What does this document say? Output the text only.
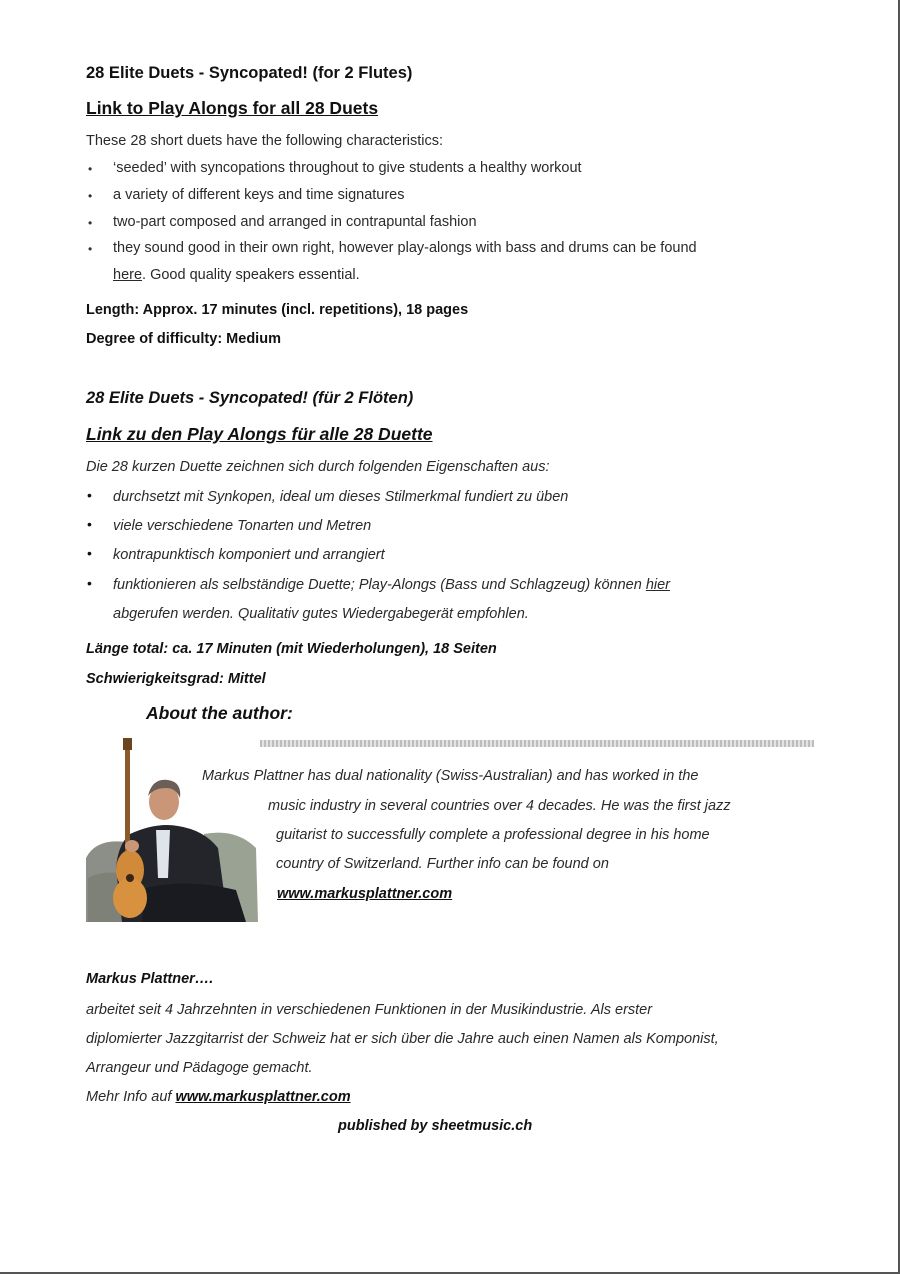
28 Elite Duets - Syncopated! (for 2 Flutes)
Link to Play Alongs for all 28 Duets
These 28 short duets have the following characteristics:
• ‘seeded’ with syncopations throughout to give students a healthy workout
• a variety of different keys and time signatures
• two-part composed and arranged in contrapuntal fashion
• they sound good in their own right, however play-alongs with bass and drums can be found
here. Good quality speakers essential.
Length: Approx. 17 minutes (incl. repetitions), 18 pages
Degree of difficulty: Medium
28 Elite Duets - Syncopated! (für 2 Flöten)
Link zu den Play Alongs für alle 28 Duette
Die 28 kurzen Duette zeichnen sich durch folgenden Eigenschaften aus:
• durchsetzt mit Synkopen, ideal um dieses Stilmerkmal fundiert zu üben
• viele verschiedene Tonarten und Metren
• kontrapunktisch komponiert und arrangiert
• funktionieren als selbständige Duette; Play-Alongs (Bass und Schlagzeug) können hier
abgerufen werden. Qualitativ gutes Wiedergabegerät empfohlen.
Länge total: ca. 17 Minuten (mit Wiederholungen), 18 Seiten
Schwierigkeitsgrad: Mittel
About the author:
Markus Plattner has dual nationality (Swiss-Australian) and has worked in the
music industry in several countries over 4 decades. He was the first jazz
guitarist to successfully complete a professional degree in his home
country of Switzerland. Further info can be found on
www.markusplattner.com
Markus Plattner….
arbeitet seit 4 Jahrzehnten in verschiedenen Funktionen in der Musikindustrie. Als erster
diplomierter Jazzgitarrist der Schweiz hat er sich über die Jahre auch einen Namen als Komponist,
Arrangeur und Pädagoge gemacht.
Mehr Info auf www.markusplattner.com
published by sheetmusic.ch
